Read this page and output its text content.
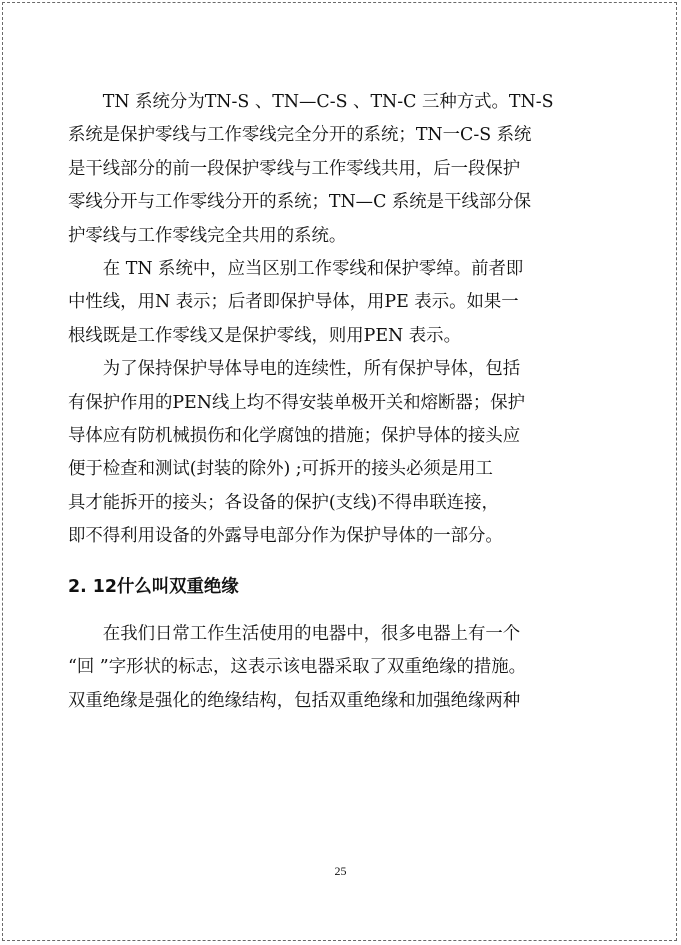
TN 系统分为TN-S 、TN—C-S 、TN-C 三种方式。TN-S
系统是保护零线与工作零线完全分开的系统；TN一C-S 系统
是干线部分的前一段保护零线与工作零线共用，后一段保护
零线分开与工作零线分开的系统；TN—C 系统是干线部分保
护零线与工作零线完全共用的系统。
在 TN 系统中，应当区别工作零线和保护零绰。前者即
中性线，用N 表示；后者即保护导体，用PE 表示。如果一
根线既是工作零线又是保护零线，则用PEN 表示。
为了保持保护导体导电的连续性，所有保护导体，包括
有保护作用的PEN线上均不得安装单极开关和熔断器；保护
导体应有防机械损伤和化学腐蚀的措施；保护导体的接头应
便于检查和测试(封装的除外) ;可拆开的接头必须是用工
具才能拆开的接头；各设备的保护(支线)不得串联连接，
即不得利用设备的外露导电部分作为保护导体的一部分。
2. 12什么叫双重绝缘
在我们日常工作生活使用的电器中，很多电器上有一个
“回 ”字形状的标志，这表示该电器采取了双重绝缘的措施。
双重绝缘是强化的绝缘结构，包括双重绝缘和加强绝缘两种
25
